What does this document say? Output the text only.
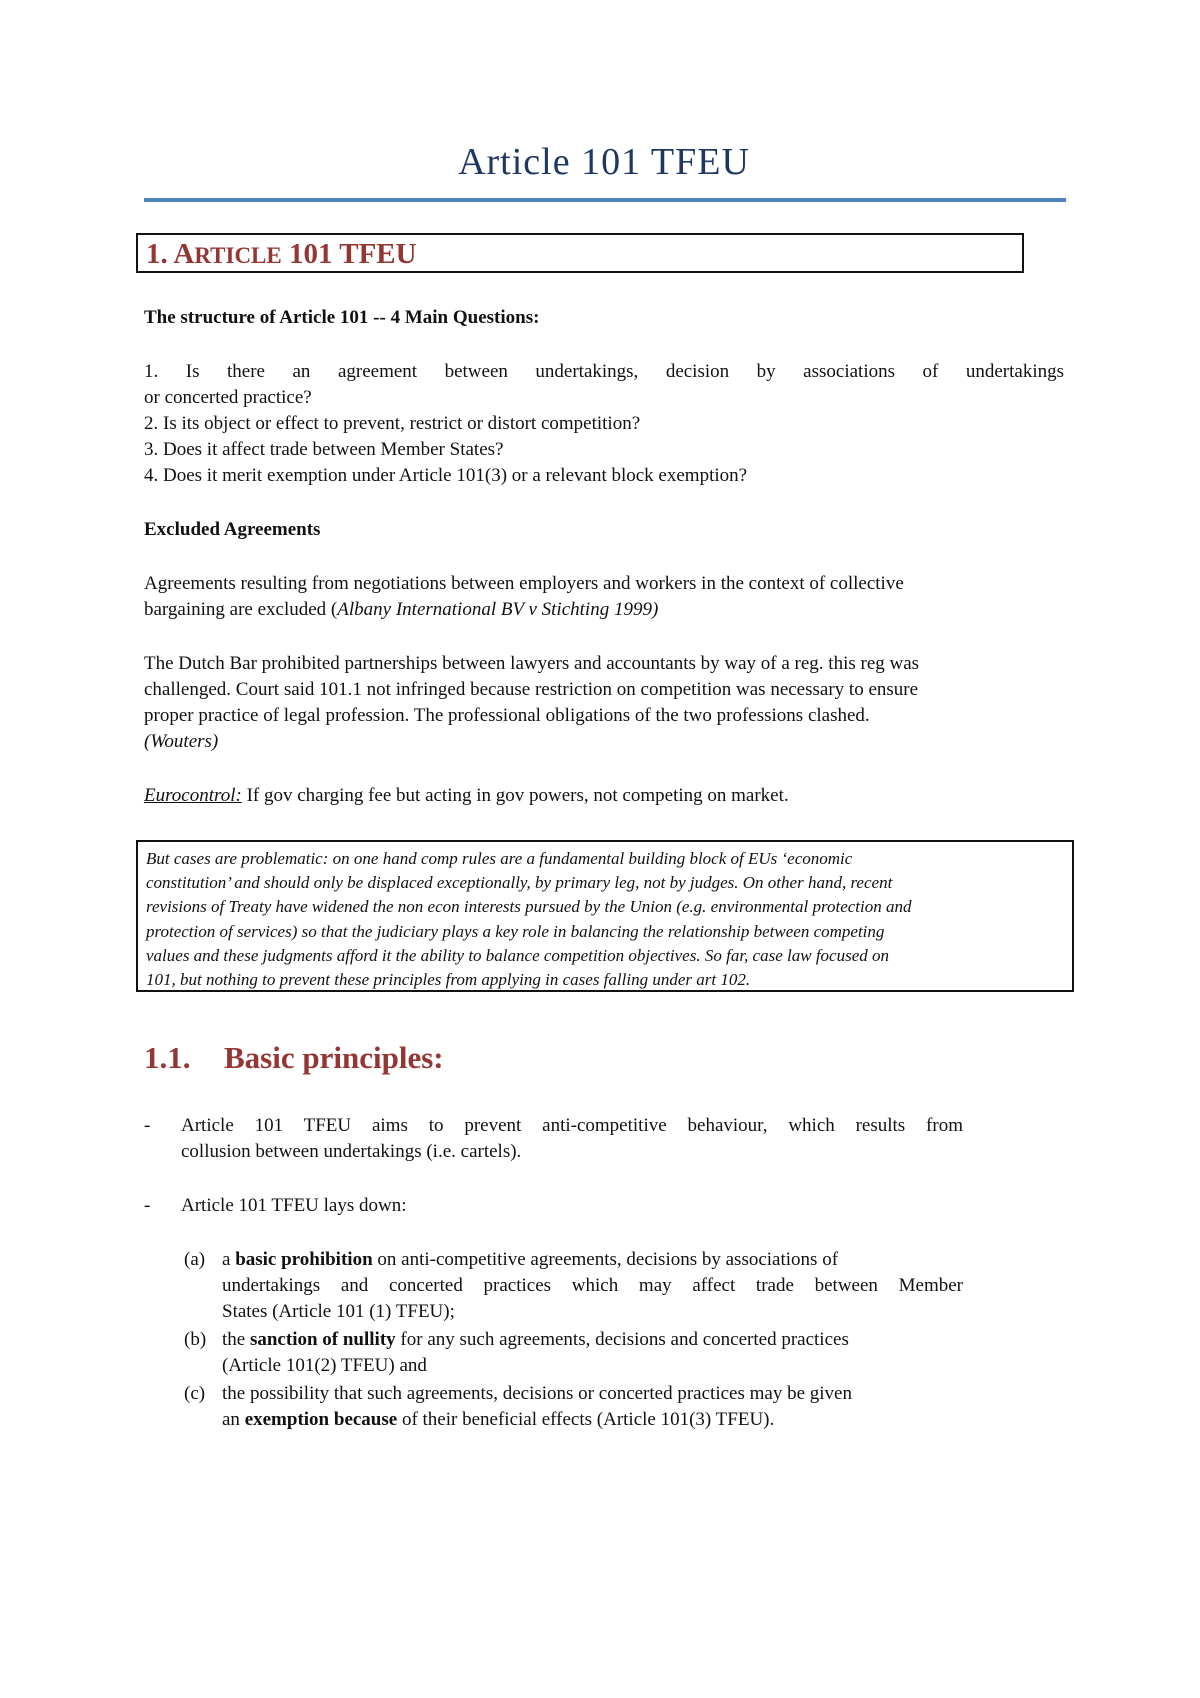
Article 101 TFEU
1. ARTICLE 101 TFEU
The structure of Article 101 -- 4 Main Questions:
1. Is there an agreement between undertakings, decision by associations of undertakings
or concerted practice?
2. Is its object or effect to prevent, restrict or distort competition?
3. Does it affect trade between Member States?
4. Does it merit exemption under Article 101(3) or a relevant block exemption?
Excluded Agreements
Agreements resulting from negotiations between employers and workers in the context of collective
bargaining are excluded (Albany International BV v Stichting 1999)
The Dutch Bar prohibited partnerships between lawyers and accountants by way of a reg. this reg was
challenged. Court said 101.1 not infringed because restriction on competition was necessary to ensure
proper practice of legal profession. The professional obligations of the two professions clashed.
(Wouters)
Eurocontrol: If gov charging fee but acting in gov powers, not competing on market.
But cases are problematic: on one hand comp rules are a fundamental building block of EUs ‘economic
constitution’ and should only be displaced exceptionally, by primary leg, not by judges. On other hand, recent
revisions of Treaty have widened the non econ interests pursued by the Union (e.g. environmental protection and
protection of services) so that the judiciary plays a key role in balancing the relationship between competing
values and these judgments afford it the ability to balance competition objectives. So far, case law focused on
101, but nothing to prevent these principles from applying in cases falling under art 102.
1.1. Basic principles:
- Article 101 TFEU aims to prevent anti-competitive behaviour, which results from
collusion between undertakings (i.e. cartels).
- Article 101 TFEU lays down:
(a) a basic prohibition on anti-competitive agreements, decisions by associations of
undertakings and concerted practices which may affect trade between Member
States (Article 101 (1) TFEU);
(b) the sanction of nullity for any such agreements, decisions and concerted practices
(Article 101(2) TFEU) and
(c) the possibility that such agreements, decisions or concerted practices may be given
an exemption because of their beneficial effects (Article 101(3) TFEU).
